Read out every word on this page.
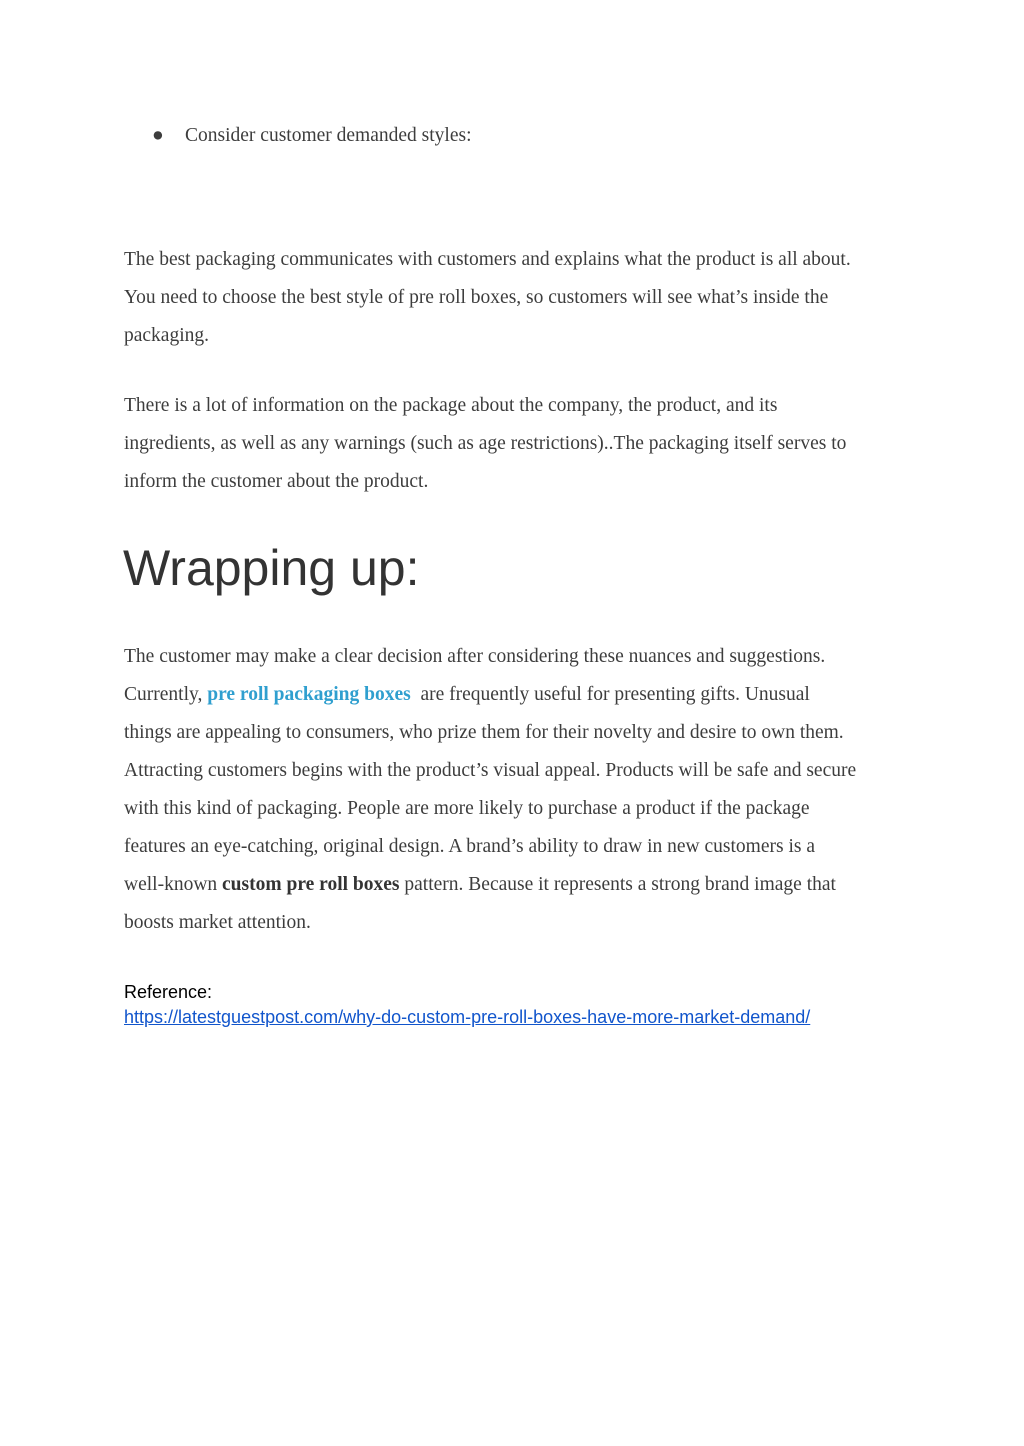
● Consider customer demanded styles:

The best packaging communicates with customers and explains what the product is all about.
You need to choose the best style of pre roll boxes, so customers will see what’s inside the
packaging.

There is a lot of information on the package about the company, the product, and its
ingredients, as well as any warnings (such as age restrictions)..The packaging itself serves to
inform the customer about the product.

Wrapping up:

The customer may make a clear decision after considering these nuances and suggestions.
Currently, pre roll packaging boxes  are frequently useful for presenting gifts. Unusual
things are appealing to consumers, who prize them for their novelty and desire to own them.
Attracting customers begins with the product’s visual appeal. Products will be safe and secure
with this kind of packaging. People are more likely to purchase a product if the package
features an eye-catching, original design. A brand’s ability to draw in new customers is a
well-known custom pre roll boxes pattern. Because it represents a strong brand image that
boosts market attention.

Reference:
https://latestguestpost.com/why-do-custom-pre-roll-boxes-have-more-market-demand/
